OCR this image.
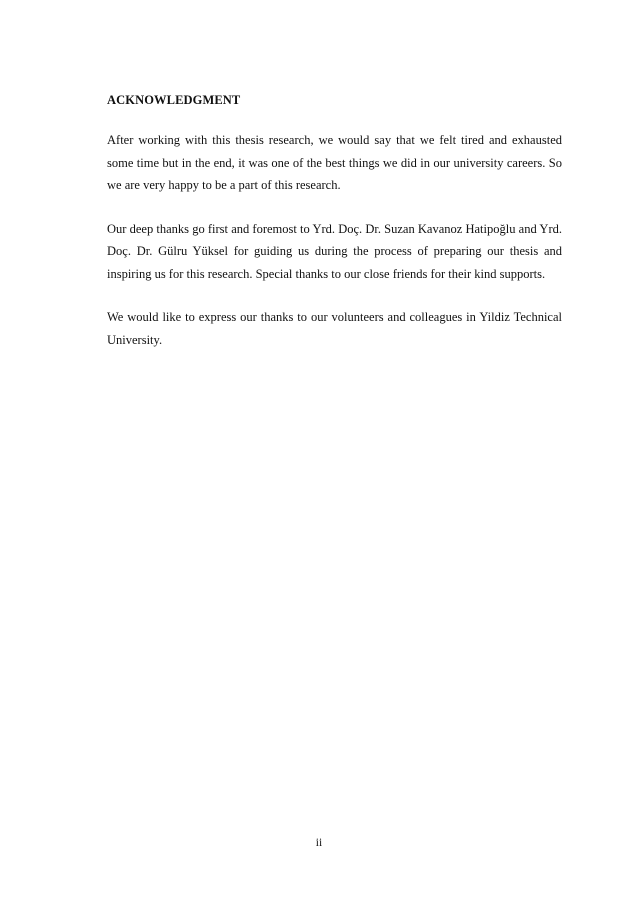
ACKNOWLEDGMENT

After working with this thesis research, we would say that we felt tired and exhausted some time but in the end, it was one of the best things we did in our university careers. So we are very happy to be a part of this research.

Our deep thanks go first and foremost to Yrd. Doç. Dr. Suzan Kavanoz Hatipoğlu and Yrd. Doç. Dr. Gülru Yüksel for guiding us during the process of preparing our thesis and inspiring us for this research. Special thanks to our close friends for their kind supports.

We would like to express our thanks to our volunteers and colleagues in Yildiz Technical University.

ii
